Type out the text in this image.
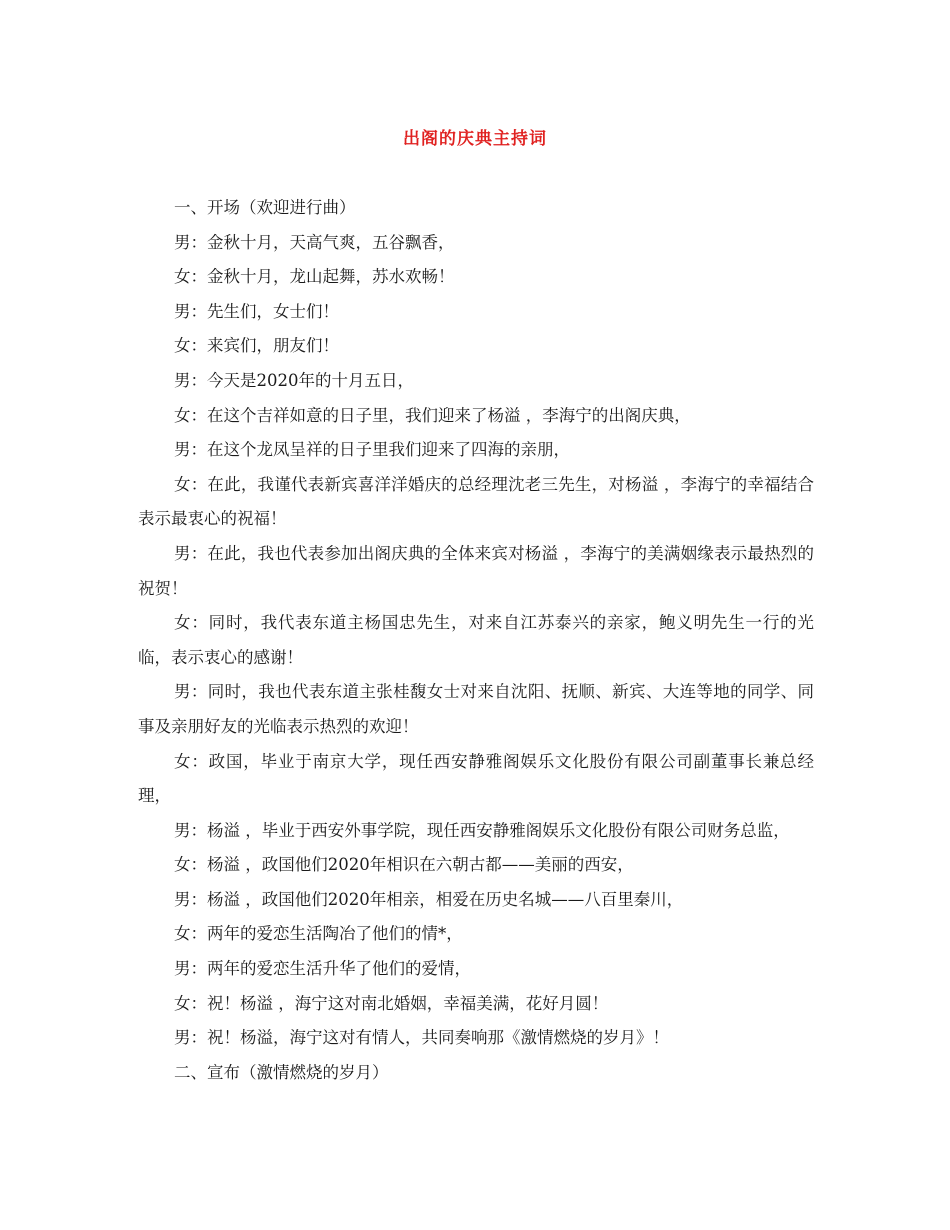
出阁的庆典主持词

一、开场（欢迎进行曲）

男：金秋十月，天高气爽，五谷飘香，

女：金秋十月，龙山起舞，苏水欢畅！

男：先生们，女士们！

女：来宾们，朋友们！

男：今天是2020年的十月五日，

女：在这个吉祥如意的日子里，我们迎来了杨溢 ，李海宁的出阁庆典，

男：在这个龙凤呈祥的日子里我们迎来了四海的亲朋，

女：在此，我谨代表新宾喜洋洋婚庆的总经理沈老三先生，对杨溢 ，李海宁的幸福结合表示最衷心的祝福！

男：在此，我也代表参加出阁庆典的全体来宾对杨溢 ，李海宁的美满姻缘表示最热烈的祝贺！

女：同时，我代表东道主杨国忠先生，对来自江苏泰兴的亲家，鲍义明先生一行的光临，表示衷心的感谢！

男：同时，我也代表东道主张桂馥女士对来自沈阳、抚顺、新宾、大连等地的同学、同事及亲朋好友的光临表示热烈的欢迎！

女：政国，毕业于南京大学，现任西安静雅阁娱乐文化股份有限公司副董事长兼总经理，

男：杨溢 ，毕业于西安外事学院，现任西安静雅阁娱乐文化股份有限公司财务总监，

女：杨溢 ，政国他们2020年相识在六朝古都——美丽的西安，

男：杨溢 ，政国他们2020年相亲，相爱在历史名城——八百里秦川，

女：两年的爱恋生活陶冶了他们的情*，

男：两年的爱恋生活升华了他们的爱情，

女：祝！杨溢 ，海宁这对南北婚姻，幸福美满，花好月圆！

男：祝！杨溢，海宁这对有情人，共同奏响那《激情燃烧的岁月》！

二、宣布（激情燃烧的岁月）
